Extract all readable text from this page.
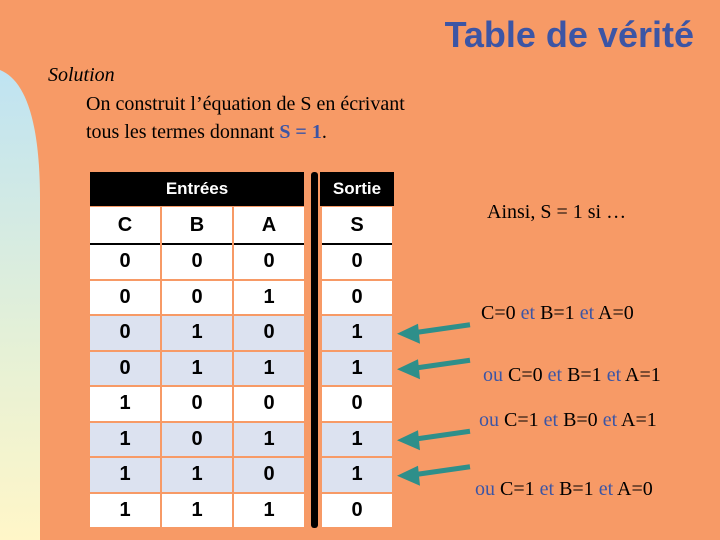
Table de vérité
Solution
On construit l’équation de S en écrivant
tous les termes donnant S = 1.
Entrées	Sortie
C	B	A	S
0	0	0	0
0	0	1	0
0	1	0	1
0	1	1	1
1	0	0	0
1	0	1	1
1	1	0	1
1	1	1	0
Ainsi, S = 1 si …
C=0 et B=1 et A=0
ou C=0 et B=1 et A=1
ou C=1 et B=0 et A=1
ou C=1 et B=1 et A=0
